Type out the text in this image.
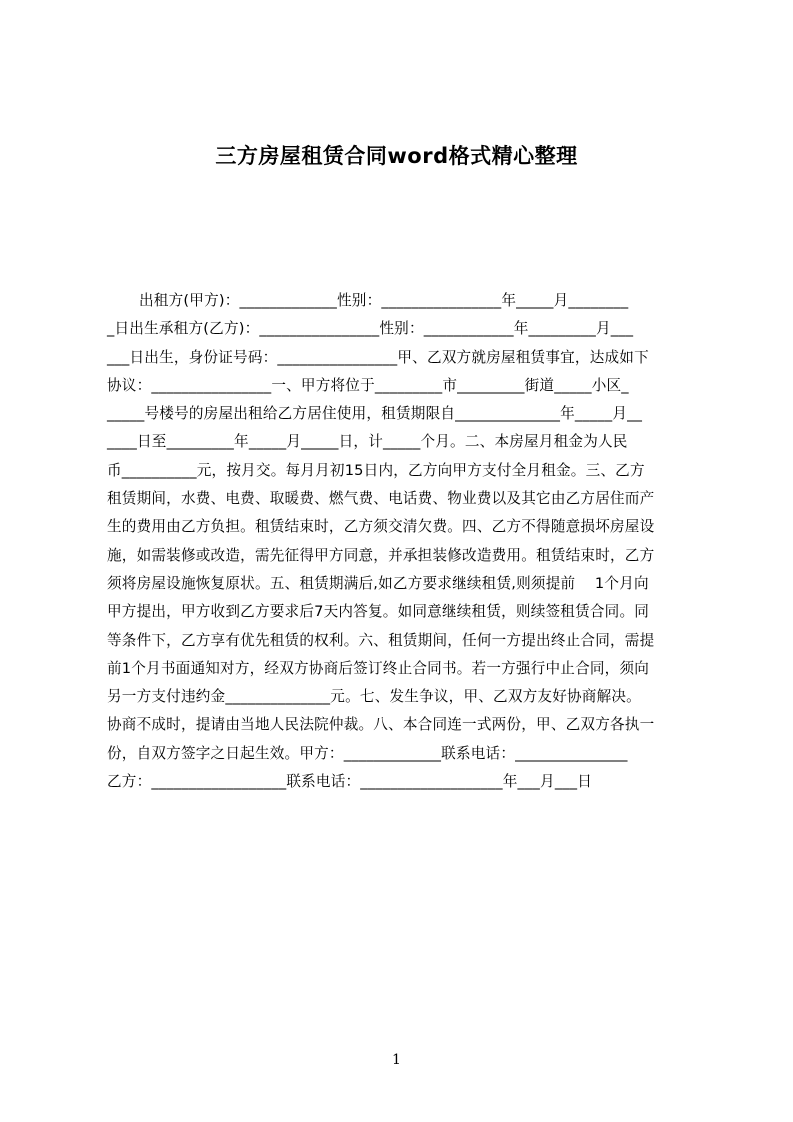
三方房屋租赁合同word格式精心整理
出租方(甲方)：_____________性别：________________年_____月________
_日出生承租方(乙方)：________________性别：____________年_________月___
___日出生，身份证号码：________________甲、乙双方就房屋租赁事宜，达成如下
协议：________________一、甲方将位于_________市_________街道_____小区_
_____号楼号的房屋出租给乙方居住使用，租赁期限自______________年_____月__
____日至_________年_____月_____日，计_____个月。二、本房屋月租金为人民
币__________元，按月交。每月月初15日内，乙方向甲方支付全月租金。三、乙方
租赁期间，水费、电费、取暖费、燃气费、电话费、物业费以及其它由乙方居住而产
生的费用由乙方负担。租赁结束时，乙方须交清欠费。四、乙方不得随意损坏房屋设
施，如需装修或改造，需先征得甲方同意，并承担装修改造费用。租赁结束时，乙方
须将房屋设施恢复原状。五、租赁期满后,如乙方要求继续租赁,则须提前　 1个月向
甲方提出，甲方收到乙方要求后7天内答复。如同意继续租赁，则续签租赁合同。同
等条件下，乙方享有优先租赁的权利。六、租赁期间，任何一方提出终止合同，需提
前1个月书面通知对方，经双方协商后签订终止合同书。若一方强行中止合同，须向
另一方支付违约金______________元。七、发生争议，甲、乙双方友好协商解决。
协商不成时，提请由当地人民法院仲裁。八、本合同连一式两份，甲、乙双方各执一
份，自双方签字之日起生效。甲方：_____________联系电话：_______________
乙方：__________________联系电话：___________________年___月___日
1
